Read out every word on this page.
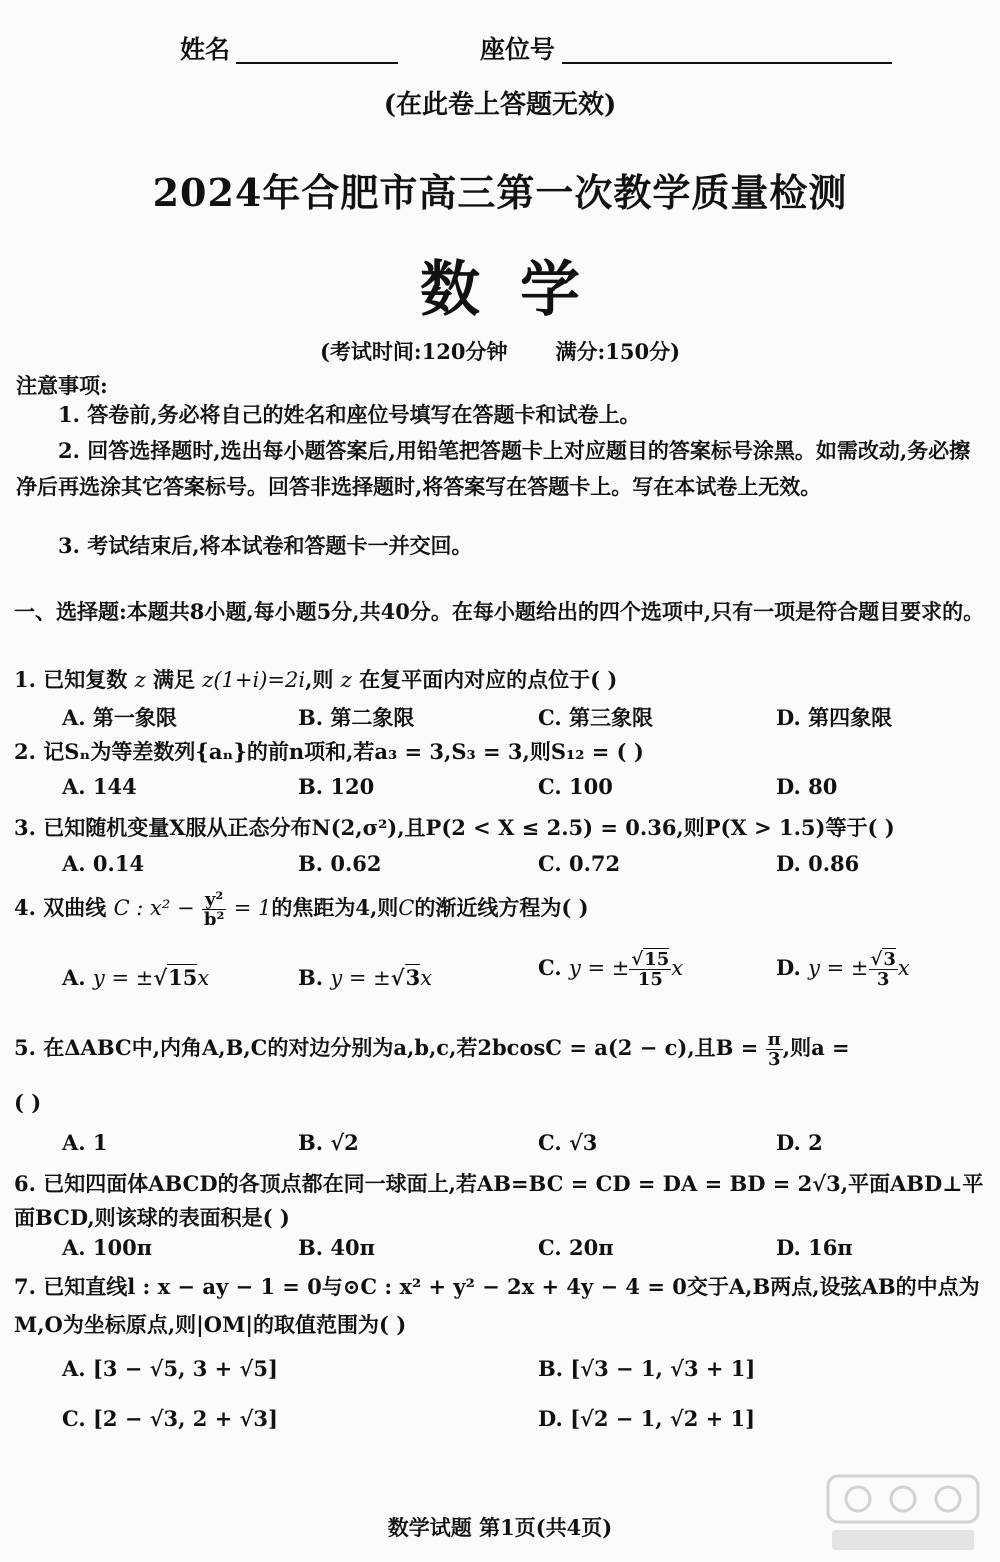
姓名	座位号
(在此卷上答题无效)
2024年合肥市高三第一次教学质量检测
数学
(考试时间:120分钟 满分:150分)
注意事项:
1. 答卷前,务必将自己的姓名和座位号填写在答题卡和试卷上。
2. 回答选择题时,选出每小题答案后,用铅笔把答题卡上对应题目的答案标号涂黑。如需改动,务必擦净后再选涂其它答案标号。回答非选择题时,将答案写在答题卡上。写在本试卷上无效。
3. 考试结束后,将本试卷和答题卡一并交回。
一、选择题:本题共8小题,每小题5分,共40分。在每小题给出的四个选项中,只有一项是符合题目要求的。
1. 已知复数 z 满足 z(1+i)=2i,则 z 在复平面内对应的点位于( )
A. 第一象限	B. 第二象限	C. 第三象限	D. 第四象限
2. 记Sₙ为等差数列{aₙ}的前n项和,若a₃ = 3,S₃ = 3,则S₁₂ = ( )
A. 144	B. 120	C. 100	D. 80
3. 已知随机变量X服从正态分布N(2,σ²),且P(2 < X ≤ 2.5) = 0.36,则P(X > 1.5)等于( )
A. 0.14	B. 0.62	C. 0.72	D. 0.86
4. 双曲线 C : $x^2 - \frac{\text{y²}}{\text{b²}} = 1$的焦距为4,则C的渐近线方程为( )
A. y = ±√15x	B. y = ±√3x	C. y = ± $\frac{√15}{15}$ x	D. y = ± $\frac{√3}{3}$ x
5. 在ΔABC中,内角A,B,C的对边分别为a,b,c,若2bcosC = a(2 − c),且$B = \frac{\pi}{3}$ ,则a =
( )
A. 1	B. √2	C. √3	D. 2
6. 已知四面体ABCD的各顶点都在同一球面上,若AB=BC = CD = DA = BD = 2√3,平面ABD⊥平面BCD,则该球的表面积是( )
A. 100π	B. 40π	C. 20π	D. 16π
7. 已知直线l : x − ay − 1 = 0与⊙C : x² + y² − 2x + 4y − 4 = 0交于A,B两点,设弦AB的中点为M,O为坐标原点,则|OM|的取值范围为( )
A. [3 − √5, 3 + √5]	B. [√3 − 1, √3 + 1]
C. [2 − √3, 2 + √3]	D. [√2 − 1, √2 + 1]
数学试题 第1页(共4页)
